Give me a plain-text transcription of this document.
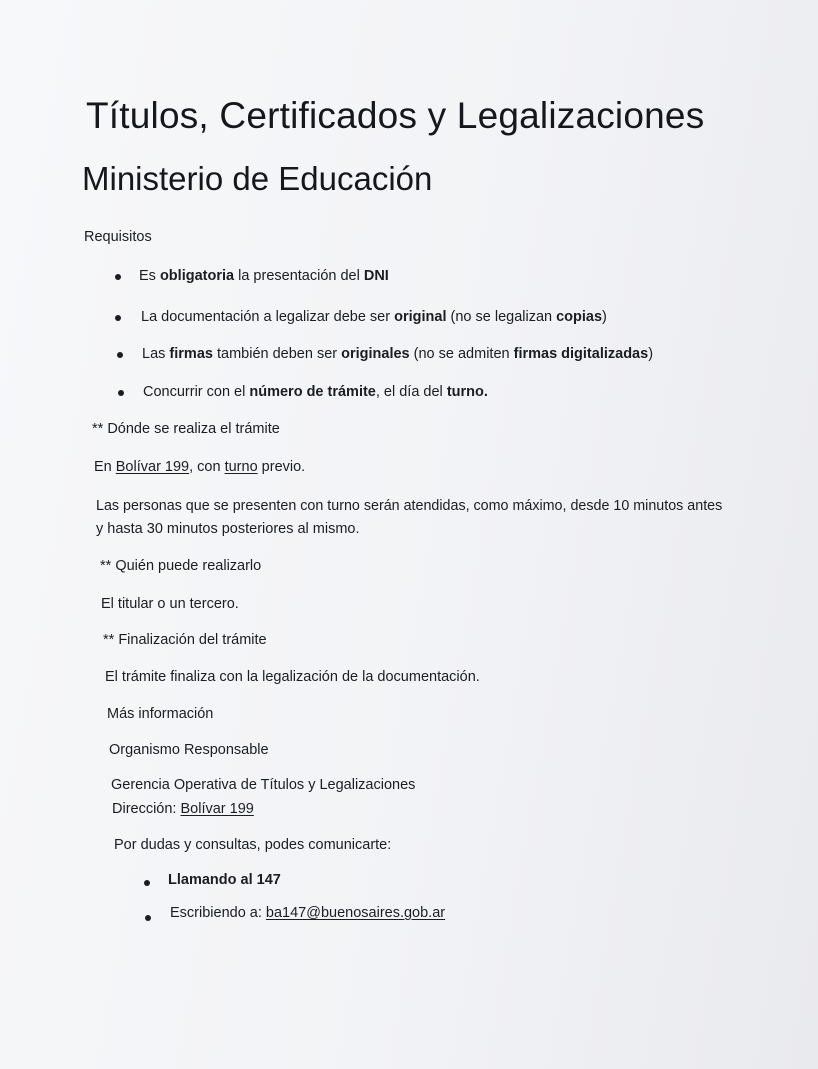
Títulos, Certificados y Legalizaciones
Ministerio de Educación
Requisitos
Es obligatoria la presentación del DNI
La documentación a legalizar debe ser original (no se legalizan copias)
Las firmas también deben ser originales (no se admiten firmas digitalizadas)
Concurrir con el número de trámite, el día del turno.
** Dónde se realiza el trámite
En Bolívar 199, con turno previo.
Las personas que se presenten con turno serán atendidas, como máximo, desde 10 minutos antes
y hasta 30 minutos posteriores al mismo.
** Quién puede realizarlo
El titular o un tercero.
** Finalización del trámite
El trámite finaliza con la legalización de la documentación.
Más información
Organismo Responsable
Gerencia Operativa de Títulos y Legalizaciones
Dirección: Bolívar 199
Por dudas y consultas, podes comunicarte:
Llamando al 147
Escribiendo a: ba147@buenosaires.gob.ar
